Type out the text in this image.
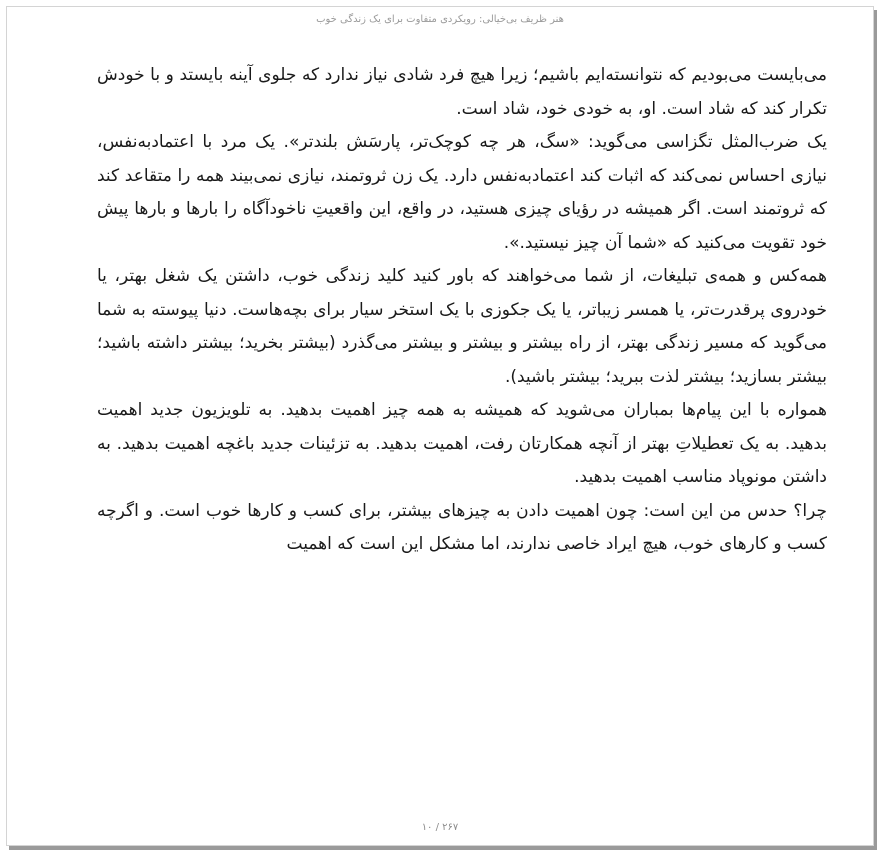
هنر ظریف بی‌خیالی: رویکردی متفاوت برای یک زندگی خوب

می‌بایست می‌بودیم که نتوانسته‌ایم باشیم؛ زیرا هیچ فرد شادی نیاز ندارد که جلوی آینه بایستد و با خودش تکرار کند که شاد است. او، به خودی خود، شاد است.

یک ضرب‌المثل تگزاسی می‌گوید: «سگ، هر چه کوچک‌تر، پارسَش بلندتر». یک مرد با اعتمادبه‌نفس، نیازی احساس نمی‌کند که اثبات کند اعتمادبه‌نفس دارد. یک زن ثروتمند، نیازی نمی‌بیند همه را متقاعد کند که ثروتمند است. اگر همیشه در رؤیای چیزی هستید، در واقع، این واقعیتِ ناخودآگاه را بارها و بارها پیش خود تقویت می‌کنید که «شما آن چیز نیستید.».

همه‌کس و همه‌ی تبلیغات، از شما می‌خواهند که باور کنید کلید زندگی خوب، داشتن یک شغل بهتر، یا خودروی پرقدرت‌تر، یا همسر زیباتر، یا یک جکوزی با یک استخر سیار برای بچه‌هاست. دنیا پیوسته به شما می‌گوید که مسیر زندگی بهتر، از راه بیشتر و بیشتر و بیشتر می‌گذرد (بیشتر بخرید؛ بیشتر داشته باشید؛ بیشتر بسازید؛ بیشتر لذت ببرید؛ بیشتر باشید).

همواره با این پیام‌ها بمباران می‌شوید که همیشه به همه چیز اهمیت بدهید. به تلویزیون جدید اهمیت بدهید. به یک تعطیلاتِ بهتر از آنچه همکارتان رفت، اهمیت بدهید. به تزئینات جدید باغچه اهمیت بدهید. به داشتن مونوپاد مناسب اهمیت بدهید.

چرا؟ حدس من این است: چون اهمیت دادن به چیزهای بیشتر، برای کسب و کارها خوب است. و اگرچه کسب و کارهای خوب، هیچ ایراد خاصی ندارند، اما مشکل این است که اهمیت

۲۶۷ / ۱۰
